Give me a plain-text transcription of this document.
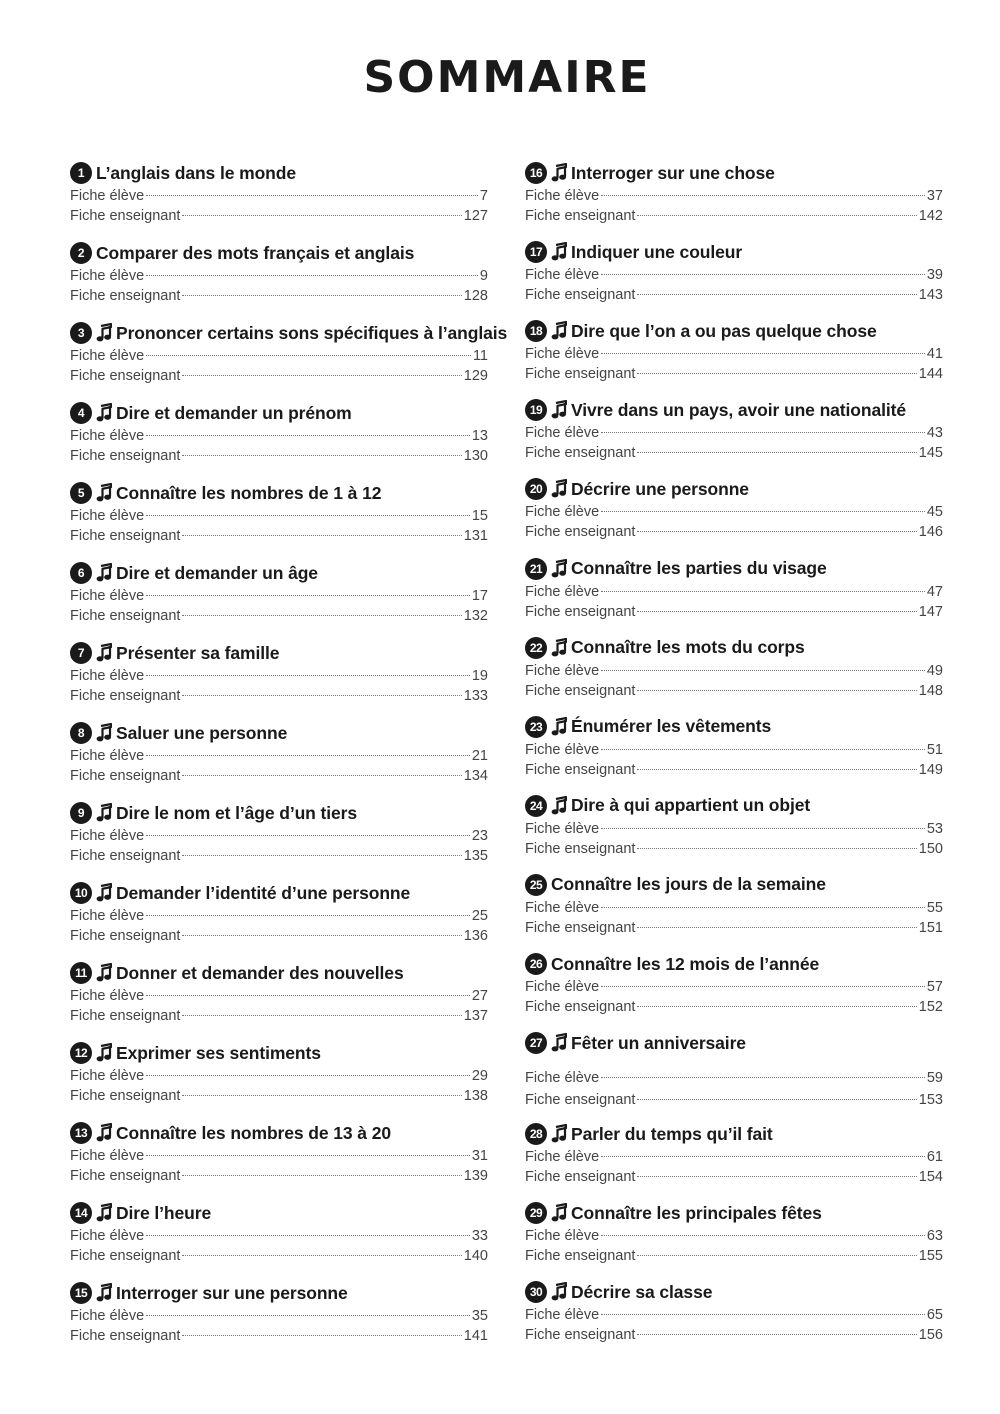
SOMMAIRE
1 L’anglais dans le monde
Fiche élève	7
Fiche enseignant	127
2 Comparer des mots français et anglais
Fiche élève	9
Fiche enseignant	128
3	Prononcer certains sons spécifiques à l’anglais
Fiche élève	11
Fiche enseignant	129
4	Dire et demander un prénom
Fiche élève	13
Fiche enseignant	130
5	Connaître les nombres de 1 à 12
Fiche élève	15
Fiche enseignant	131
6	Dire et demander un âge
Fiche élève	17
Fiche enseignant	132
7	Présenter sa famille
Fiche élève	19
Fiche enseignant	133
8	Saluer une personne
Fiche élève	21
Fiche enseignant	134
9	Dire le nom et l’âge d’un tiers
Fiche élève	23
Fiche enseignant	135
10 Demander l’identité d’une personne
Fiche élève	25
Fiche enseignant	136
11 Donner et demander des nouvelles
Fiche élève	27
Fiche enseignant	137
12 Exprimer ses sentiments
Fiche élève	29
Fiche enseignant	138
13 Connaître les nombres de 13 à 20
Fiche élève	31
Fiche enseignant	139
14 Dire l’heure
Fiche élève	33
Fiche enseignant	140
15 Interroger sur une personne
Fiche élève	35
Fiche enseignant	141
16 Interroger sur une chose
Fiche élève	37
Fiche enseignant	142
17 Indiquer une couleur
Fiche élève	39
Fiche enseignant	143
18 Dire que l’on a ou pas quelque chose
Fiche élève	41
Fiche enseignant	144
19 Vivre dans un pays, avoir une nationalité
Fiche élève	43
Fiche enseignant	145
20 Décrire une personne
Fiche élève	45
Fiche enseignant	146
21 Connaître les parties du visage
Fiche élève	47
Fiche enseignant	147
22 Connaître les mots du corps
Fiche élève	49
Fiche enseignant	148
23 Énumérer les vêtements
Fiche élève	51
Fiche enseignant	149
24 Dire à qui appartient un objet
Fiche élève	53
Fiche enseignant	150
25 Connaître les jours de la semaine
Fiche élève	55
Fiche enseignant	151
26 Connaître les 12 mois de l’année
Fiche élève	57
Fiche enseignant	152
27 Fêter un anniversaire
Fiche élève	59
Fiche enseignant	153
28 Parler du temps qu’il fait
Fiche élève	61
Fiche enseignant	154
29 Connaître les principales fêtes
Fiche élève	63
Fiche enseignant	155
30 Décrire sa classe
Fiche élève	65
Fiche enseignant	156
